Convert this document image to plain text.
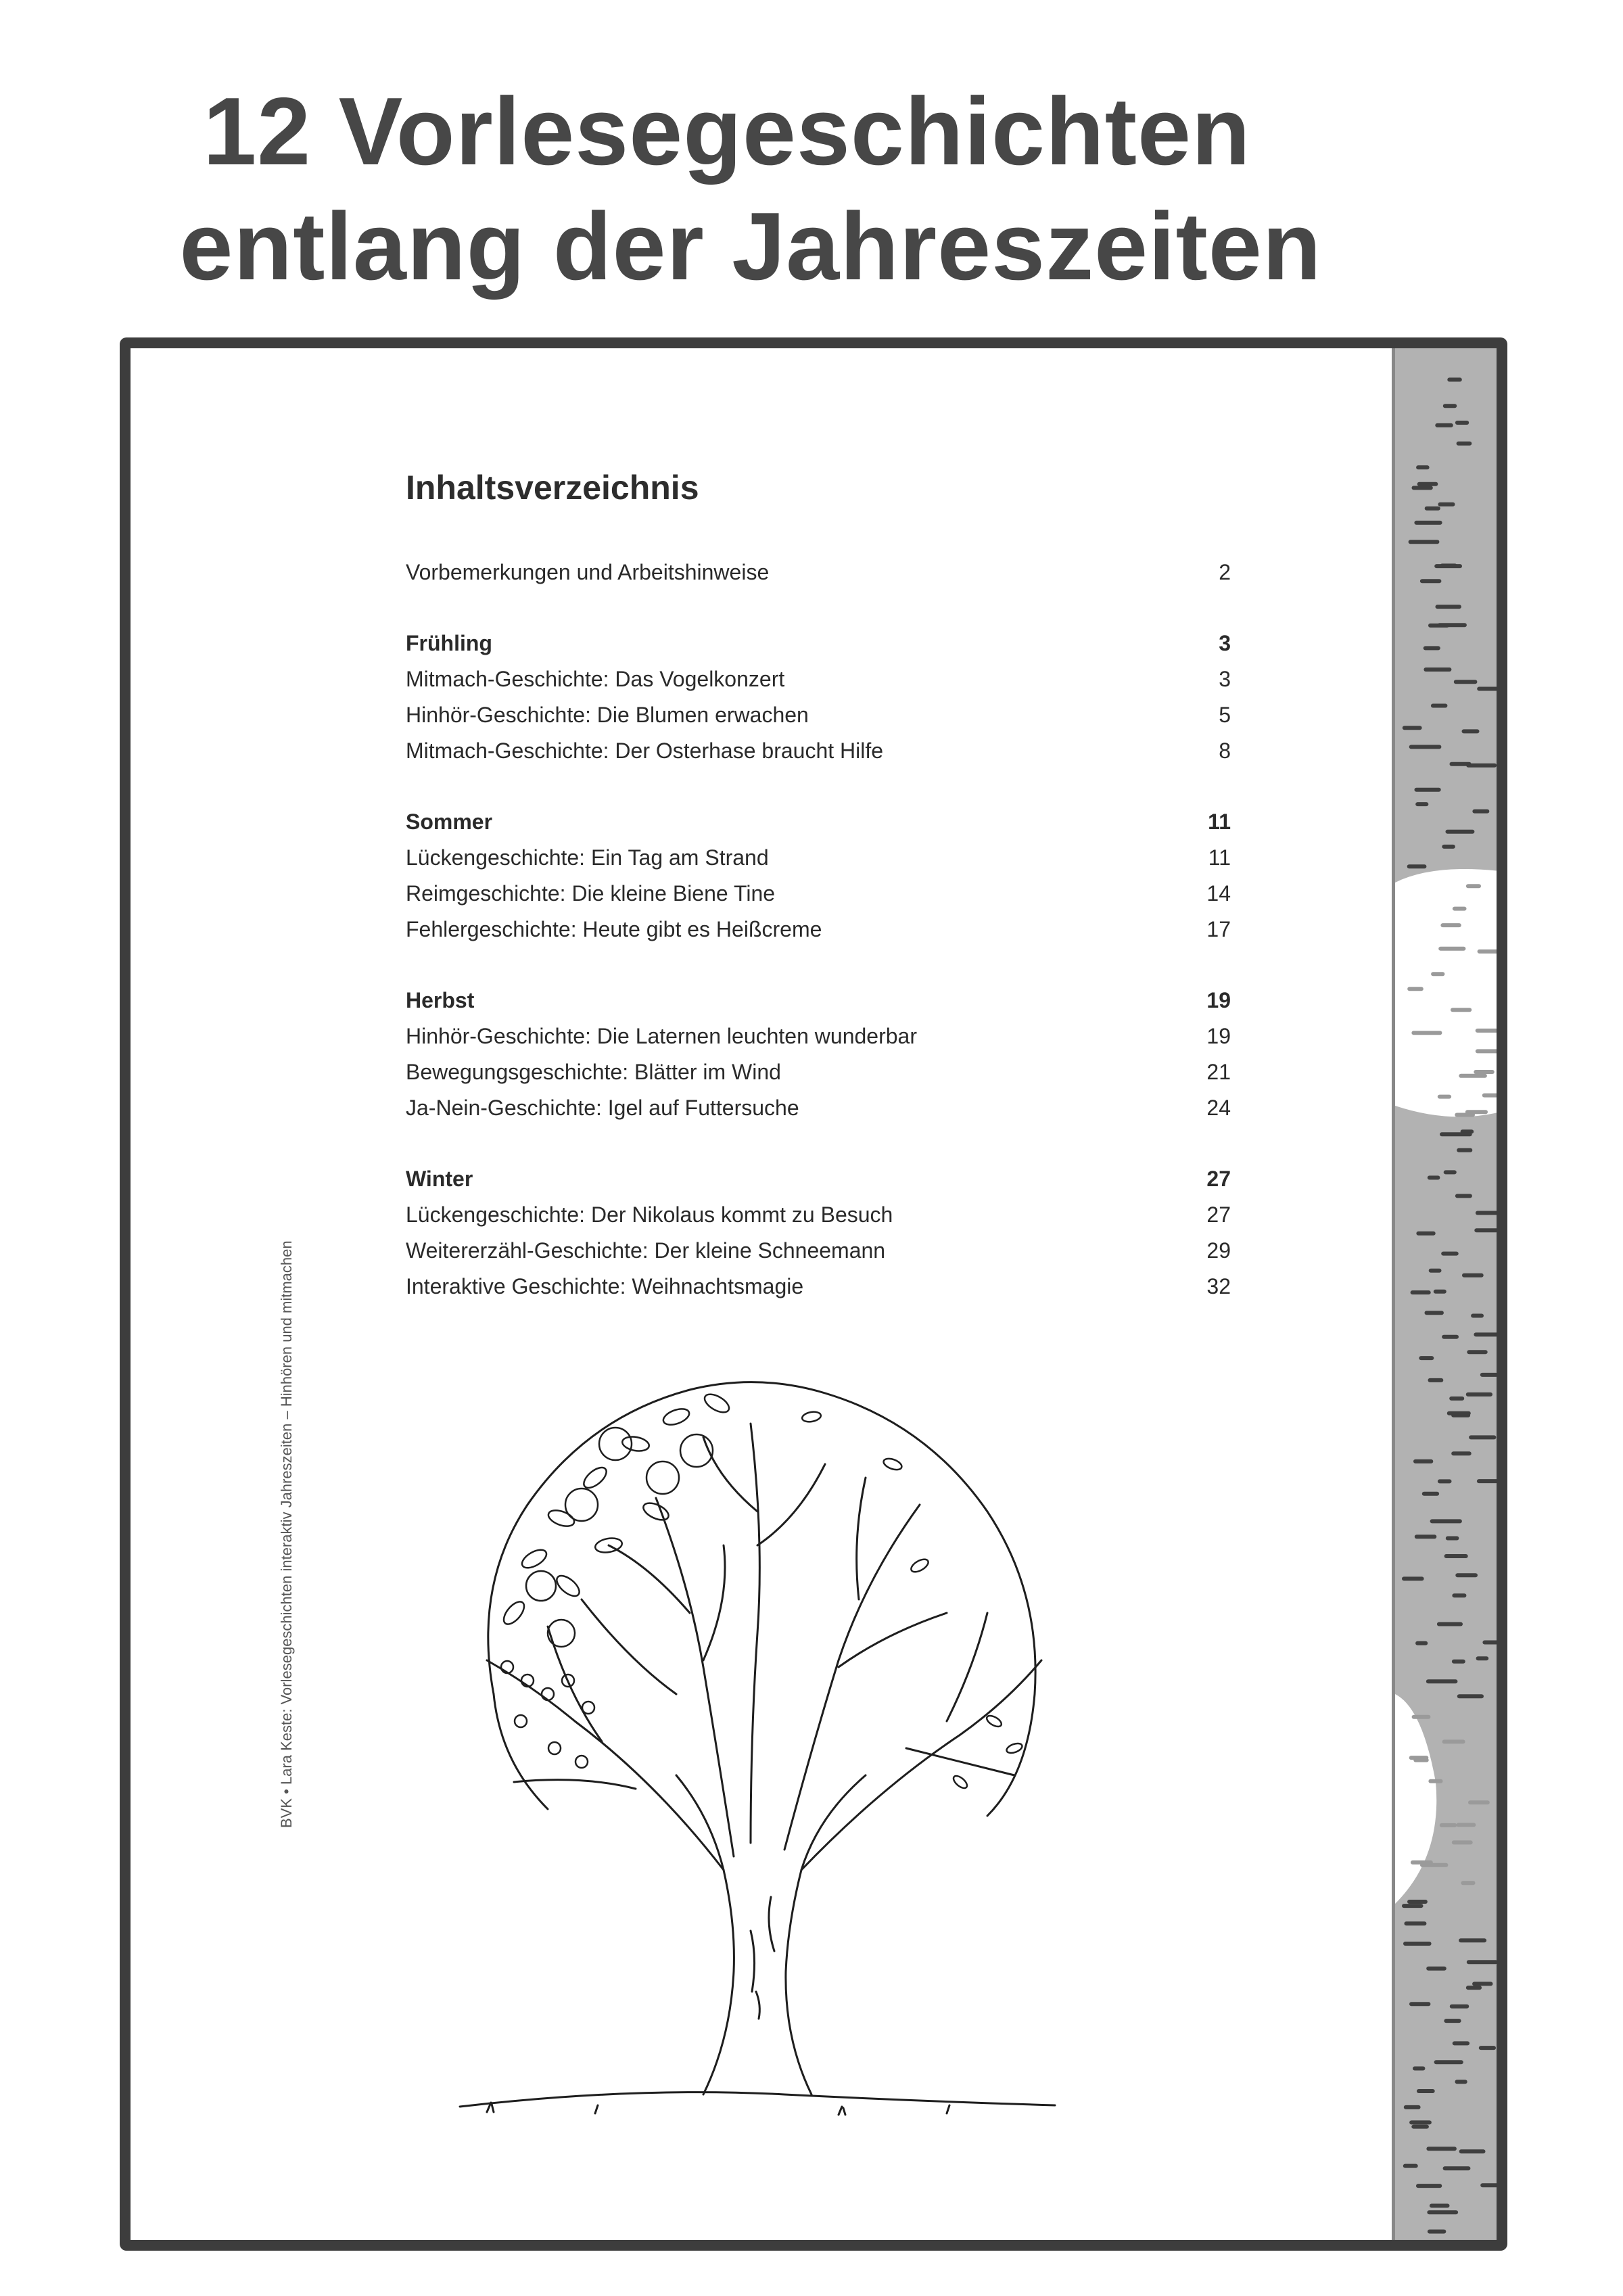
12 Vorlesegeschichten
entlang der Jahreszeiten
BVK • Lara Keste: Vorlesegeschichten interaktiv Jahreszeiten – Hinhören und mitmachen
Inhaltsverzeichnis
Vorbemerkungen und Arbeitshinweise	2
Frühling	3
Mitmach-Geschichte: Das Vogelkonzert	3
Hinhör-Geschichte: Die Blumen erwachen	5
Mitmach-Geschichte: Der Osterhase braucht Hilfe	8
Sommer	11
Lückengeschichte: Ein Tag am Strand	11
Reimgeschichte: Die kleine Biene Tine	14
Fehlergeschichte: Heute gibt es Heißcreme	17
Herbst	19
Hinhör-Geschichte: Die Laternen leuchten wunderbar	19
Bewegungsgeschichte: Blätter im Wind	21
Ja-Nein-Geschichte: Igel auf Futtersuche	24
Winter	27
Lückengeschichte: Der Nikolaus kommt zu Besuch	27
Weitererzähl-Geschichte: Der kleine Schneemann	29
Interaktive Geschichte: Weihnachtsmagie	32
